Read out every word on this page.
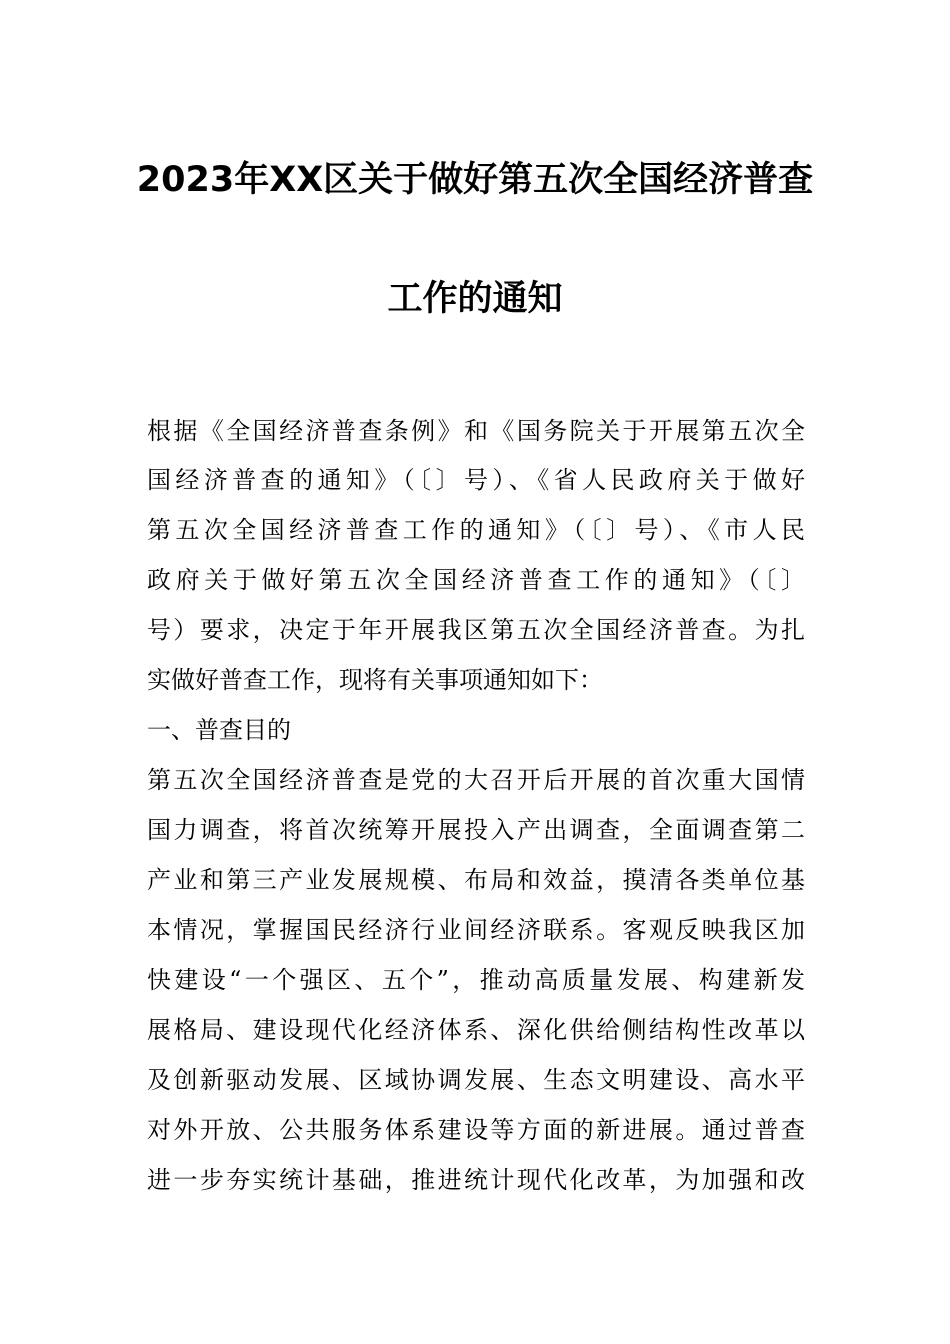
2023年XX区关于做好第五次全国经济普查
工作的通知

根据《全国经济普查条例》和《国务院关于开展第五次全

国经济普查的通知》（〔〕号）、《省人民政府关于做好

第五次全国经济普查工作的通知》（〔〕号）、《市人民

政府关于做好第五次全国经济普查工作的通知》（〔〕

号）要求，决定于年开展我区第五次全国经济普查。为扎

实做好普查工作，现将有关事项通知如下：

一、普查目的

第五次全国经济普查是党的大召开后开展的首次重大国情

国力调查，将首次统筹开展投入产出调查，全面调查第二

产业和第三产业发展规模、布局和效益，摸清各类单位基

本情况，掌握国民经济行业间经济联系。客观反映我区加

快建设“一个强区、五个”，推动高质量发展、构建新发

展格局、建设现代化经济体系、深化供给侧结构性改革以

及创新驱动发展、区域协调发展、生态文明建设、高水平

对外开放、公共服务体系建设等方面的新进展。通过普查

进一步夯实统计基础，推进统计现代化改革，为加强和改
